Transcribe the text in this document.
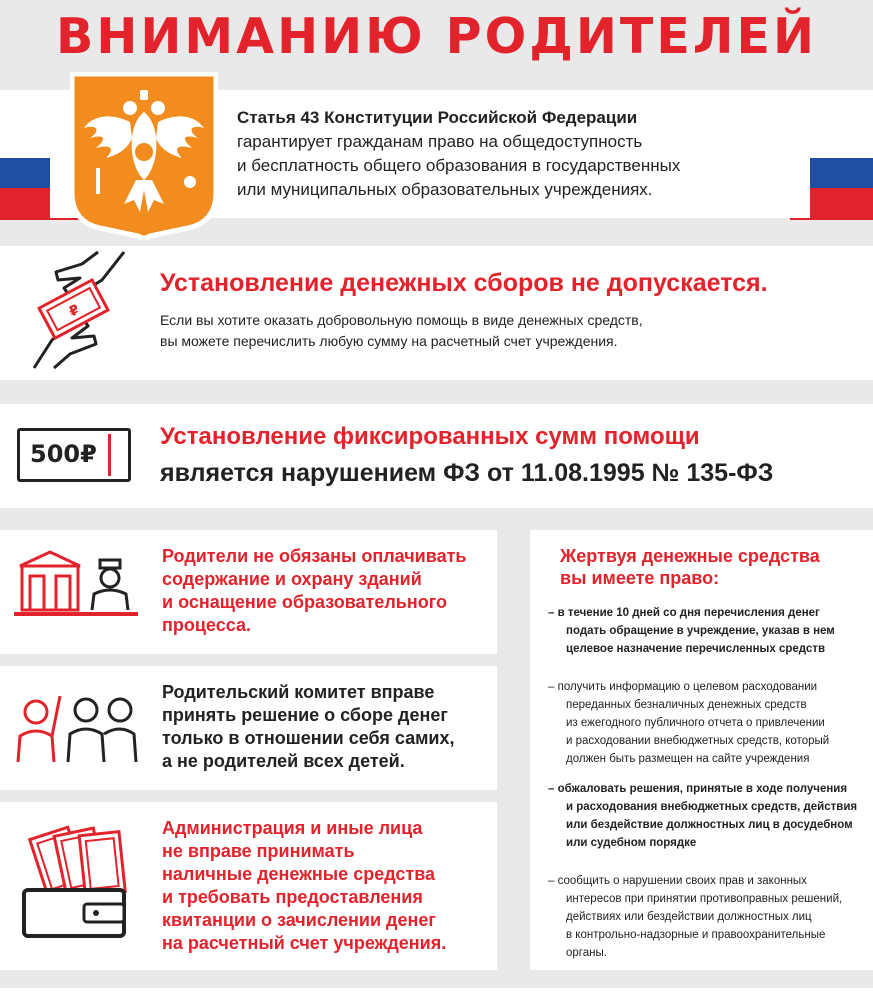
ВНИМАНИЮ РОДИТЕЛЕЙ
Статья 43 Конституции Российской Федерации
гарантирует гражданам право на общедоступность
и бесплатность общего образования в государственных
или муниципальных образовательных учреждениях.
₽
Установление денежных сборов не допускается.
Если вы хотите оказать добровольную помощь в виде денежных средств,
вы можете перечислить любую сумму на расчетный счет учреждения.
500₽
Установление фиксированных сумм помощи
является нарушением ФЗ от 11.08.1995 № 135-ФЗ
Родители не обязаны оплачивать
содержание и охрану зданий
и оснащение образовательного
процесса.
Родительский комитет вправе
принять решение о сборе денег
только в отношении себя самих,
а не родителей всех детей.
Администрация и иные лица
не вправе принимать
наличные денежные средства
и требовать предоставления
квитанции о зачислении денег
на расчетный счет учреждения.
Жертвуя денежные средства
вы имеете право:
– в течение 10 дней со дня перечисления денег
подать обращение в учреждение, указав в нем
целевое назначение перечисленных средств
– получить информацию о целевом расходовании
переданных безналичных денежных средств
из ежегодного публичного отчета о привлечении
и расходовании внебюджетных средств, который
должен быть размещен на сайте учреждения
– обжаловать решения, принятые в ходе получения
и расходования внебюджетных средств, действия
или бездействие должностных лиц в досудебном
или судебном порядке
– сообщить о нарушении своих прав и законных
интересов при принятии противоправных решений,
действиях или бездействии должностных лиц
в контрольно-надзорные и правоохранительные
органы.
